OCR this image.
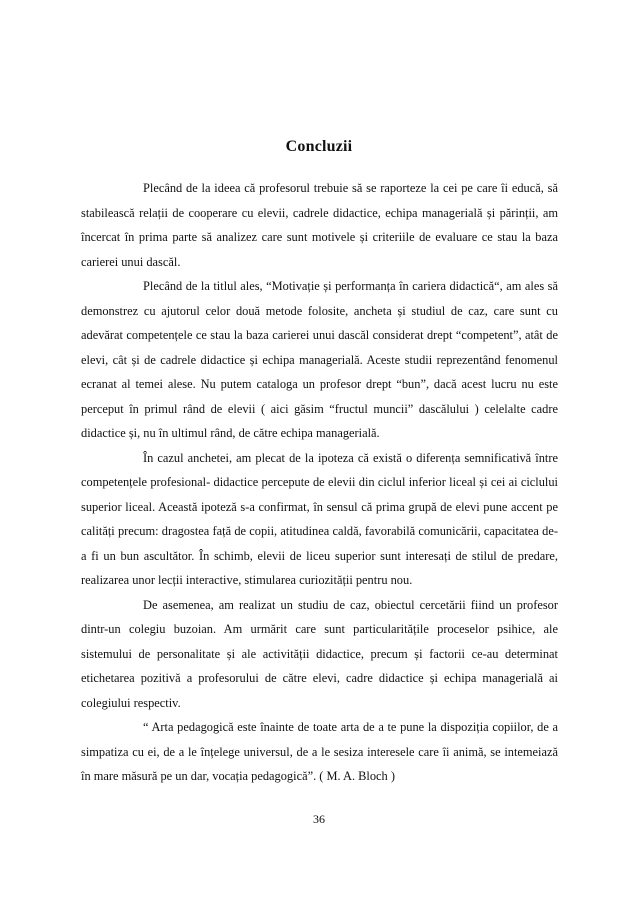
Concluzii

Plecând de la ideea că profesorul trebuie să se raporteze la cei pe care îi educă, să stabilească relații de cooperare cu elevii, cadrele didactice, echipa managerială și părinții, am încercat în prima parte să analizez care sunt motivele și criteriile de evaluare ce stau la baza carierei unui dascăl.

Plecând de la titlul ales, “Motivație și performanța în cariera didactică“, am ales să demonstrez cu ajutorul celor două metode folosite, ancheta și studiul de caz, care sunt cu adevărat competențele ce stau la baza carierei unui dascăl considerat drept “competent”, atât de elevi, cât și de cadrele didactice și echipa managerială. Aceste studii reprezentând fenomenul ecranat al temei alese. Nu putem cataloga un profesor drept “bun”, dacă acest lucru nu este perceput în primul rând de elevii ( aici găsim “fructul muncii” dascălului ) celelalte cadre didactice și, nu în ultimul rând, de către echipa managerială.

În cazul anchetei, am plecat de la ipoteza că există o diferența semnificativă între competențele profesional- didactice percepute de elevii din ciclul inferior liceal și cei ai ciclului superior liceal. Această ipoteză s-a confirmat, în sensul că prima grupă de elevi pune accent pe calități precum: dragostea față de copii, atitudinea caldă, favorabilă comunicării, capacitatea de-a fi un bun ascultător. În schimb, elevii de liceu superior sunt interesați de stilul de predare, realizarea unor lecții interactive, stimularea curiozității pentru nou.

De asemenea, am realizat un studiu de caz, obiectul cercetării fiind un profesor dintr-un colegiu buzoian. Am urmărit care sunt particularitățile proceselor psihice, ale sistemului de personalitate și ale activității didactice, precum și factorii ce-au determinat etichetarea pozitivă a profesorului de către elevi, cadre didactice și echipa managerială ai colegiului respectiv.

“ Arta pedagogică este înainte de toate arta de a te pune la dispoziția copiilor, de a simpatiza cu ei, de a le înțelege universul, de a le sesiza interesele care îi animă, se intemeiază în mare măsură pe un dar, vocația pedagogică”. ( M. A. Bloch )

36
